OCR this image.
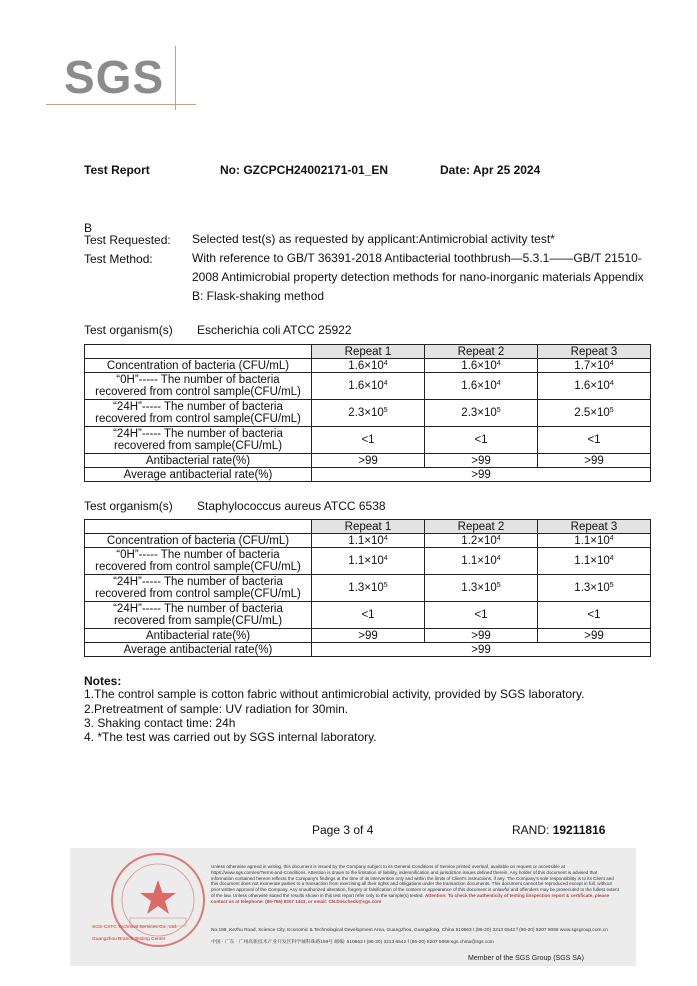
SGS
Test Report	No: GZCPCH24002171-01_EN	Date: Apr 25 2024
B
Test Requested: Selected test(s) as requested by applicant:Antimicrobial activity test*
Test Method:	With reference to GB/T 36391-2018 Antibacterial toothbrush—5.3.1——GB/T 21510-
2008 Antimicrobial property detection methods for nano-inorganic materials Appendix
B: Flask-shaking method
Test organism(s) Escherichia coli ATCC 25922
	Repeat 1	Repeat 2	Repeat 3

Concentration of bacteria (CFU/mL)	$1.6\times 10^4$	$1.6\times 10^4$	$1.7\times 10^4$

“0H”----- The number of bacteria
recovered from control sample(CFU/mL)	$1.6\times 10^4$	$1.6\times 10^4$	$1.6\times 10^4$

“24H”----- The number of bacteria
recovered from control sample(CFU/mL)	$2.3\times 10^5$	$2.3\times 10^5$	$2.5\times 10^5$

“24H”----- The number of bacteria
recovered from sample(CFU/mL)	<1	<1	<1

Antibacterial rate(%)	>99	>99	>99
Average antibacterial rate(%)	>99		
Test organism(s) Staphylococcus aureus ATCC 6538
	Repeat 1	Repeat 2	Repeat 3

Concentration of bacteria (CFU/mL)	$1.1\times 10^4$	$1.2\times 10^4$	$1.1\times 10^4$

“0H”----- The number of bacteria
recovered from control sample(CFU/mL)	$1.1\times 10^4$	$1.1\times 10^4$	$1.1\times 10^4$

“24H”----- The number of bacteria
recovered from control sample(CFU/mL)	$1.3\times 10^5$	$1.3\times 10^5$	$1.3\times 10^5$

“24H”----- The number of bacteria
recovered from sample(CFU/mL)	<1	<1	<1

Antibacterial rate(%)	>99	>99	>99
Average antibacterial rate(%)	>99		
Notes:
1.The control sample is cotton fabric without antimicrobial activity, provided by SGS laboratory.
2.Pretreatment of sample: UV radiation for 30min.
3. Shaking contact time: 24h
4. *The test was carried out by SGS internal laboratory.
Page 3 of 4	RAND: 19211816
SGS-CSTC Technical Services Co., Ltd.
Guangzhou Branch Testing Center
Unless otherwise agreed in writing, this document is issued by the Company subject to its General Conditions of Service printed overleaf, available on request or accessible at https://www.sgs.com/en/Terms-and-Conditions. Attention is drawn to the limitation of liability, indemnification and jurisdiction issues defined therein. Any holder of this document is advised that information contained hereon reflects the Company's findings at the time of its intervention only and within the limits of Client's instructions, if any. The Company's sole responsibility is to its Client and this document does not exonerate parties to a transaction from exercising all their rights and obligations under the transaction documents. This document cannot be reproduced except in full, without prior written approval of the Company. Any unauthorized alteration, forgery or falsification of the content or appearance of this document is unlawful and offenders may be prosecuted to the fullest extent of the law. Unless otherwise stated the results shown in this test report refer only to the sample(s) tested. Attention: To check the authenticity of testing /inspection report & certificate, please contact us at telephone: (86-755) 8307 1443, or email: CN.Doccheck@sgs.com
No.198, Kezhu Road, Science City, Economic & Technological Development Area, Guangzhou, Guangdong, China 510663 t (86-20) 3213 6542 f (86-20) 8207 5066 www.sgsgroup.com.cn
中国 · 广东 · 广州高新技术产业开发区科学城科珠路198号 邮编: 510663 t (86-20) 3213 6542 f (86-20) 8207 5066 sgs.china@sgs.com
Member of the SGS Group (SGS SA)
